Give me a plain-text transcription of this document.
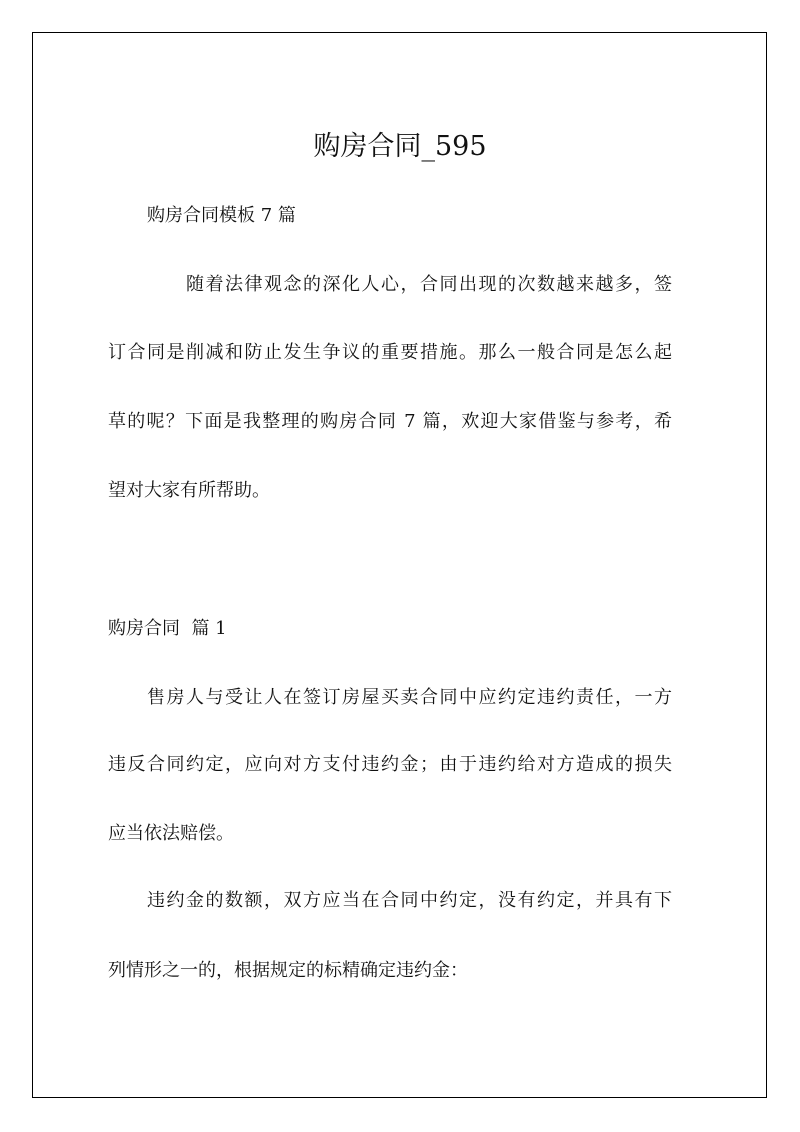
购房合同_595
购房合同模板 7 篇
随着法律观念的深化人心，合同出现的次数越来越多，签
订合同是削减和防止发生争议的重要措施。那么一般合同是怎么起
草的呢？下面是我整理的购房合同 7 篇，欢迎大家借鉴与参考，希
望对大家有所帮助。
购房合同  篇 1
售房人与受让人在签订房屋买卖合同中应约定违约责任，一方
违反合同约定，应向对方支付违约金；由于违约给对方造成的损失
应当依法赔偿。
违约金的数额，双方应当在合同中约定，没有约定，并具有下
列情形之一的，根据规定的标精确定违约金：
